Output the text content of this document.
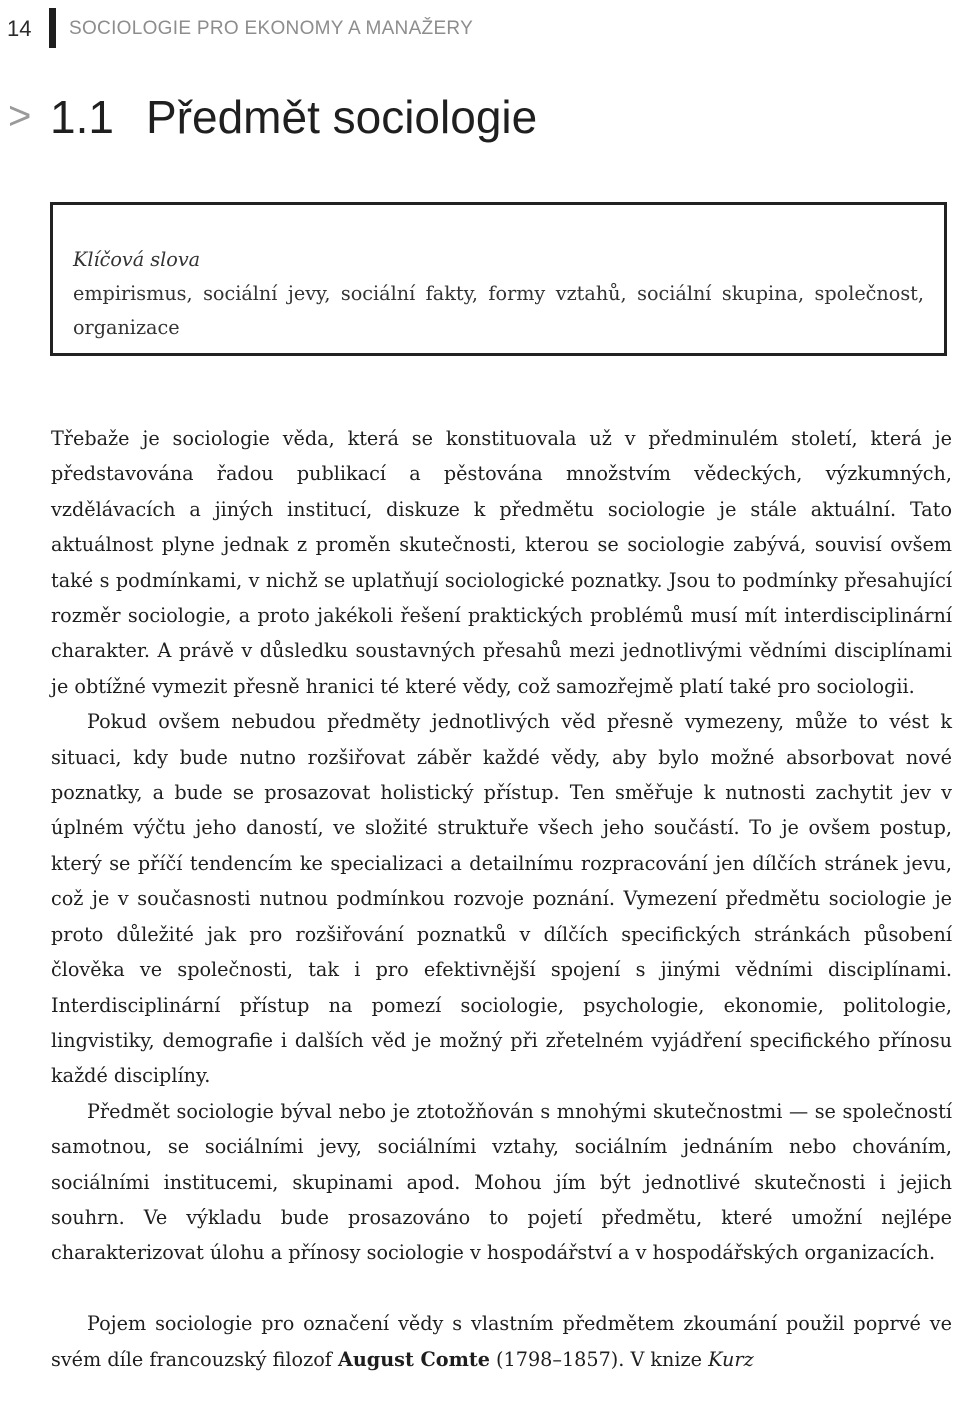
14 SOCIOLOGIE PRO EKONOMY A MANAŽERY
> 1.1 Předmět sociologie
Klíčová slova
empirismus, sociální jevy, sociální fakty, formy vztahů, sociální skupina, společnost, organizace

Třebaže je sociologie věda, která se konstituovala už v předminulém století, která je představována řadou publikací a pěstována množstvím vědeckých, výzkumných, vzdělávacích a jiných institucí, diskuze k předmětu sociologie je stále aktuální. Tato aktuálnost plyne jednak z proměn skutečnosti, kterou se sociologie zabývá, souvisí ovšem také s podmínkami, v nichž se uplatňují sociologické poznatky. Jsou to podmínky přesahující rozměr sociologie, a proto jakékoli řešení praktických problémů musí mít interdisciplinární charakter. A právě v důsledku soustavných přesahů mezi jednotlivými vědními disciplínami je obtížné vymezit přesně hranici té které vědy, což samozřejmě platí také pro sociologii.

Pokud ovšem nebudou předměty jednotlivých věd přesně vymezeny, může to vést k situaci, kdy bude nutno rozšiřovat záběr každé vědy, aby bylo možné absorbovat nové poznatky, a bude se prosazovat holistický přístup. Ten směřuje k nutnosti zachytit jev v úplném výčtu jeho daností, ve složité struktuře všech jeho součástí. To je ovšem postup, který se příčí tendencím ke specializaci a detailnímu rozpracování jen dílčích stránek jevu, což je v současnosti nutnou podmínkou rozvoje poznání. Vymezení předmětu sociologie je proto důležité jak pro rozšiřování poznatků v dílčích specifických stránkách působení člověka ve společnosti, tak i pro efektivnější spojení s jinými vědními disciplínami. Interdisciplinární přístup na pomezí sociologie, psychologie, ekonomie, politologie, lingvistiky, demografie i dalších věd je možný při zřetelném vyjádření specifického přínosu každé disciplíny.

Předmět sociologie býval nebo je ztotožňován s mnohými skutečnostmi — se společností samotnou, se sociálními jevy, sociálními vztahy, sociálním jednáním nebo chováním, sociálními institucemi, skupinami apod. Mohou jím být jednotlivé skutečnosti i jejich souhrn. Ve výkladu bude prosazováno to pojetí předmětu, které umožní nejlépe charakterizovat úlohu a přínosy sociologie v hospodářství a v hospodářských organizacích.

Pojem sociologie pro označení vědy s vlastním předmětem zkoumání použil poprvé ve svém díle francouzský filozof August Comte (1798–1857). V knize Kurz
